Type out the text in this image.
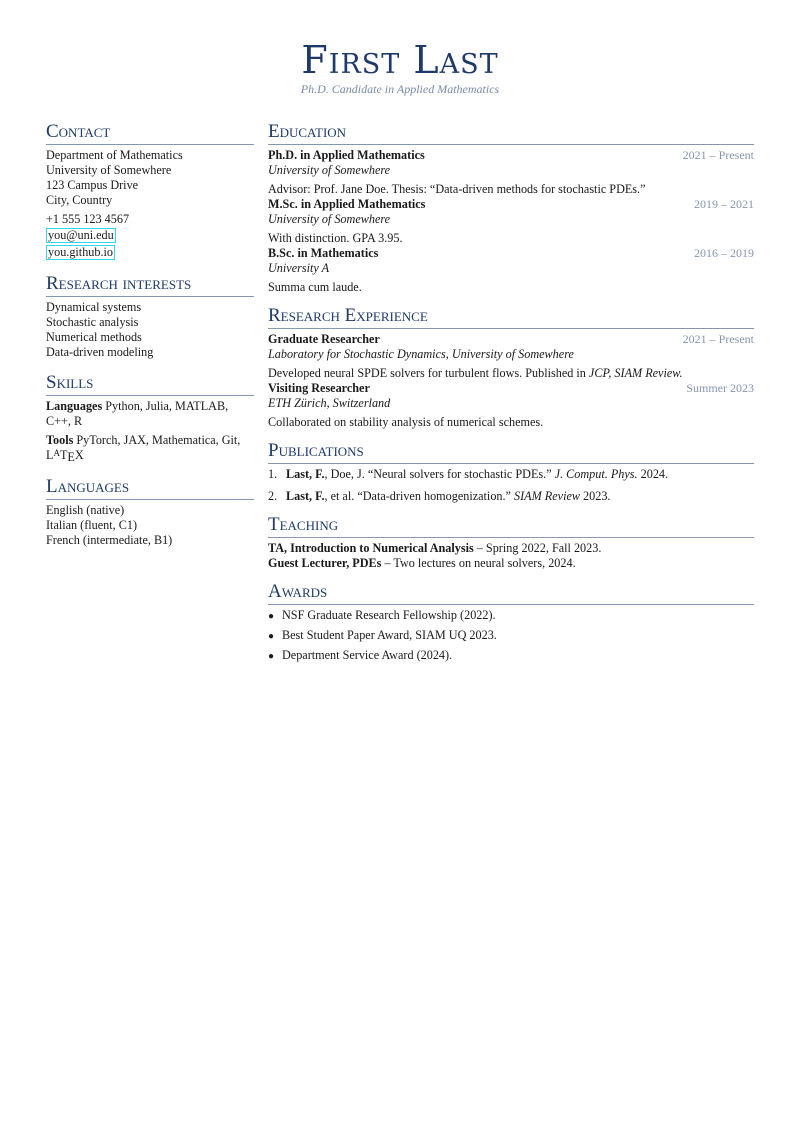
First Last
Ph.D. Candidate in Applied Mathematics
Contact
Department of Mathematics
University of Somewhere
123 Campus Drive
City, Country
+1 555 123 4567
you@uni.edu
you.github.io
Research interests
Dynamical systems
Stochastic analysis
Numerical methods
Data-driven modeling
Skills
Languages Python, Julia, MATLAB, C++, R
Tools PyTorch, JAX, Mathematica, Git, $L^ATEX$
Languages
English (native)
Italian (fluent, C1)
French (intermediate, B1)
Education
Ph.D. in Applied Mathematics	2021 – Present
University of Somewhere
Advisor: Prof. Jane Doe. Thesis: “Data-driven methods for stochastic PDEs.”
M.Sc. in Applied Mathematics	2019 – 2021
University of Somewhere
With distinction. GPA 3.95.
B.Sc. in Mathematics	2016 – 2019
University A
Summa cum laude.
Research Experience
Graduate Researcher	2021 – Present
Laboratory for Stochastic Dynamics, University of Somewhere
Developed neural SPDE solvers for turbulent flows. Published in JCP, SIAM Review.
Visiting Researcher	Summer 2023
ETH Zürich, Switzerland
Collaborated on stability analysis of numerical schemes.
Publications
1. Last, F., Doe, J. “Neural solvers for stochastic PDEs.” J. Comput. Phys. 2024.
2. Last, F., et al. “Data-driven homogenization.” SIAM Review 2023.
Teaching
TA, Introduction to Numerical Analysis – Spring 2022, Fall 2023.
Guest Lecturer, PDEs – Two lectures on neural solvers, 2024.
Awards
● NSF Graduate Research Fellowship (2022).
● Best Student Paper Award, SIAM UQ 2023.
● Department Service Award (2024).
